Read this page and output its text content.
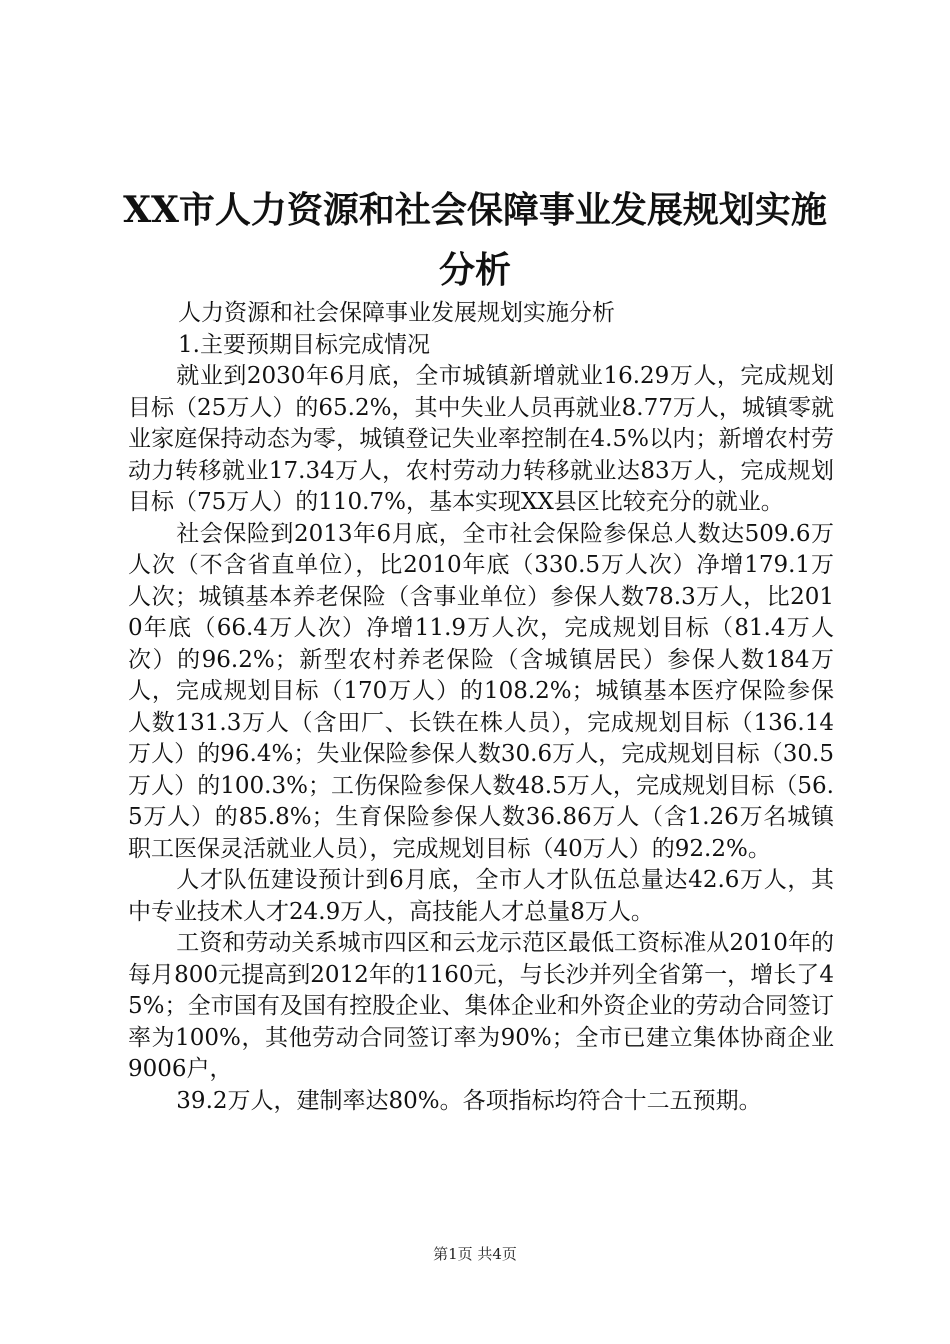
XX市人力资源和社会保障事业发展规划实施
分析

人力资源和社会保障事业发展规划实施分析

1.主要预期目标完成情况

就业到2030年6月底，全市城镇新增就业16.29万人，完成规划目标（25万人）的65.2%，其中失业人员再就业8.77万人，城镇零就业家庭保持动态为零，城镇登记失业率控制在4.5%以内；新增农村劳动力转移就业17.34万人，农村劳动力转移就业达83万人，完成规划目标（75万人）的110.7%，基本实现XX县区比较充分的就业。

社会保险到2013年6月底，全市社会保险参保总人数达509.6万人次（不含省直单位），比2010年底（330.5万人次）净增179.1万人次；城镇基本养老保险（含事业单位）参保人数78.3万人，比2010年底（66.4万人次）净增11.9万人次，完成规划目标（81.4万人次）的96.2%；新型农村养老保险（含城镇居民）参保人数184万人，完成规划目标（170万人）的108.2%；城镇基本医疗保险参保人数131.3万人（含田厂、长铁在株人员），完成规划目标（136.14万人）的96.4%；失业保险参保人数30.6万人，完成规划目标（30.5万人）的100.3%；工伤保险参保人数48.5万人，完成规划目标（56.5万人）的85.8%；生育保险参保人数36.86万人（含1.26万名城镇职工医保灵活就业人员），完成规划目标（40万人）的92.2%。

人才队伍建设预计到6月底，全市人才队伍总量达42.6万人，其中专业技术人才24.9万人，高技能人才总量8万人。

工资和劳动关系城市四区和云龙示范区最低工资标准从2010年的每月800元提高到2012年的1160元，与长沙并列全省第一，增长了45%；全市国有及国有控股企业、集体企业和外资企业的劳动合同签订率为100%，其他劳动合同签订率为90%；全市已建立集体协商企业9006户，

39.2万人，建制率达80%。各项指标均符合十二五预期。

第1页 共4页
